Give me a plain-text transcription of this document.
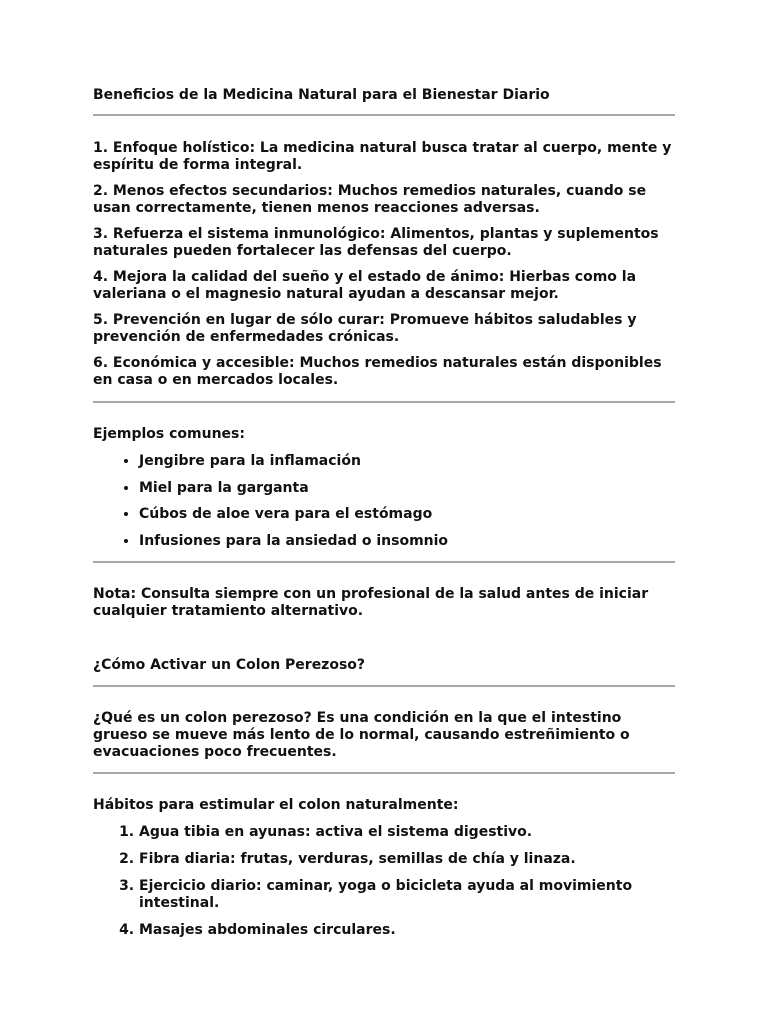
Beneficios de la Medicina Natural para el Bienestar Diario

1. Enfoque holístico: La medicina natural busca tratar al cuerpo, mente y espíritu de forma integral.

2. Menos efectos secundarios: Muchos remedios naturales, cuando se usan correctamente, tienen menos reacciones adversas.

3. Refuerza el sistema inmunológico: Alimentos, plantas y suplementos naturales pueden fortalecer las defensas del cuerpo.

4. Mejora la calidad del sueño y el estado de ánimo: Hierbas como la valeriana o el magnesio natural ayudan a descansar mejor.

5. Prevención en lugar de sólo curar: Promueve hábitos saludables y prevención de enfermedades crónicas.

6. Económica y accesible: Muchos remedios naturales están disponibles en casa o en mercados locales.

Ejemplos comunes:

• Jengibre para la inflamación
• Miel para la garganta
• Cúbos de aloe vera para el estómago
• Infusiones para la ansiedad o insomnio

Nota: Consulta siempre con un profesional de la salud antes de iniciar cualquier tratamiento alternativo.

¿Cómo Activar un Colon Perezoso?

¿Qué es un colon perezoso? Es una condición en la que el intestino grueso se mueve más lento de lo normal, causando estreñimiento o evacuaciones poco frecuentes.

Hábitos para estimular el colon naturalmente:

1. Agua tibia en ayunas: activa el sistema digestivo.
2. Fibra diaria: frutas, verduras, semillas de chía y linaza.
3. Ejercicio diario: caminar, yoga o bicicleta ayuda al movimiento intestinal.
4. Masajes abdominales circulares.
